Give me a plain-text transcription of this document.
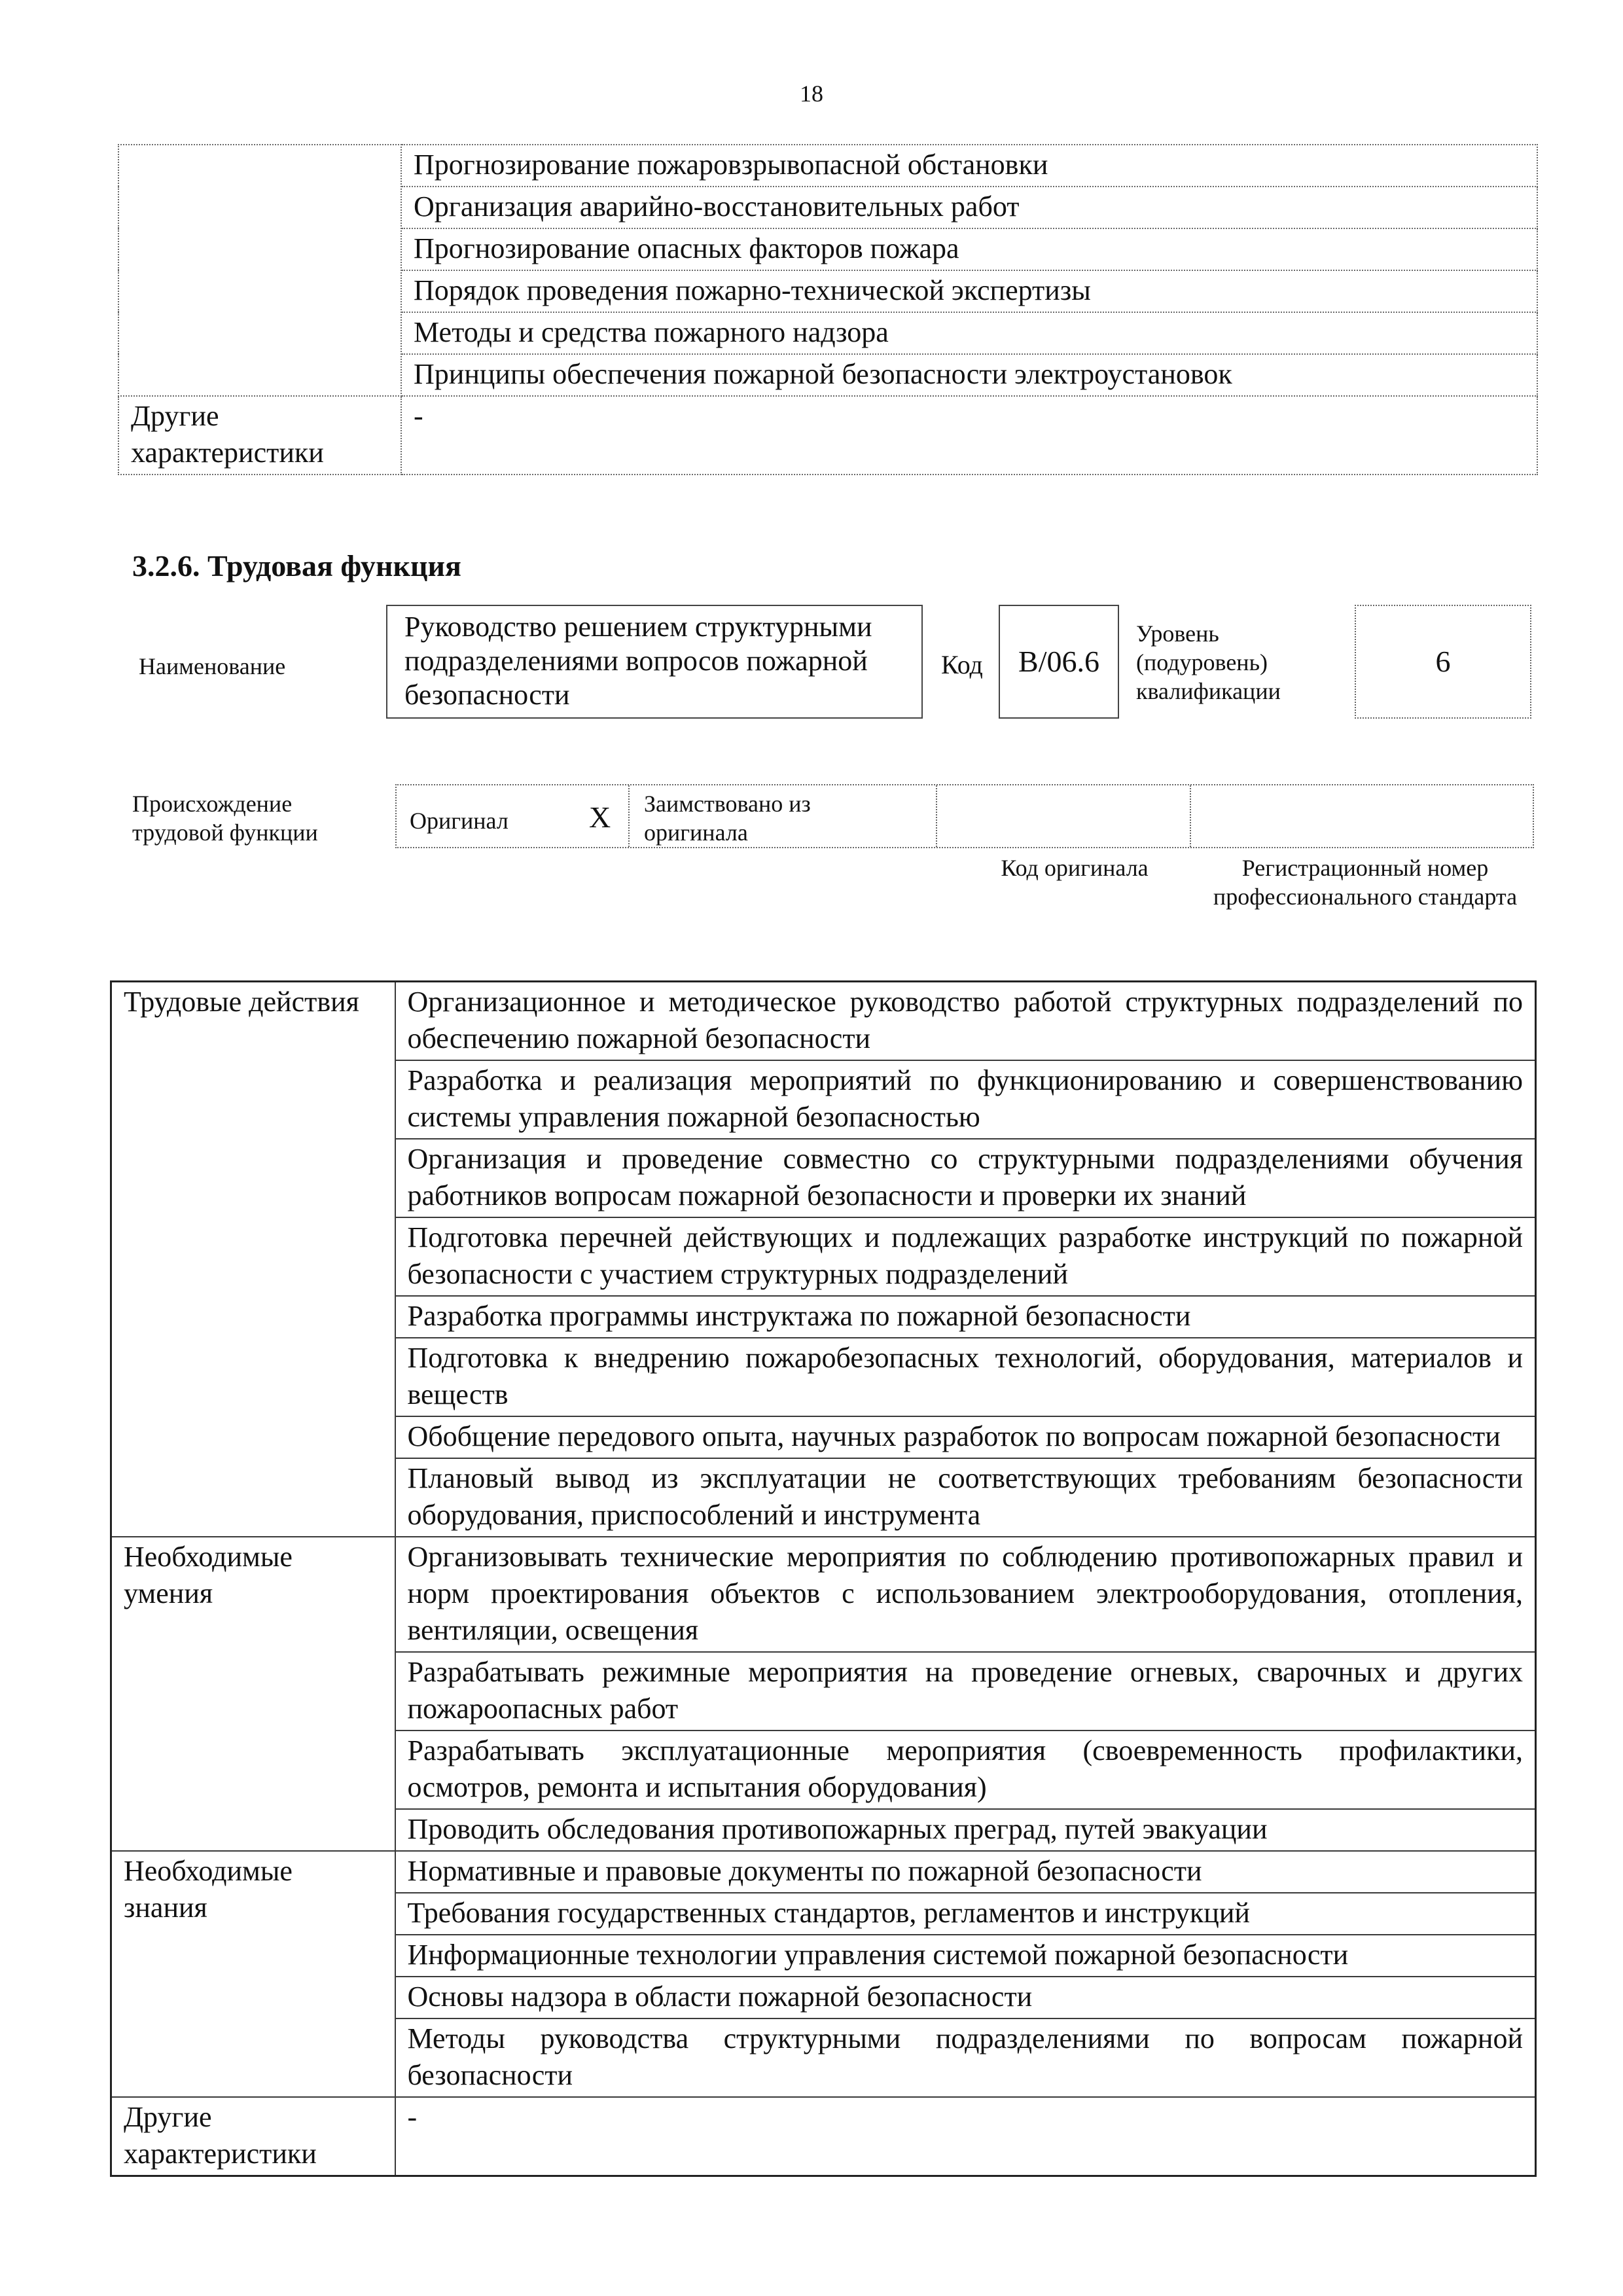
18
	Прогнозирование пожаровзрывопасной обстановки
	Организация аварийно-восстановительных работ
	Прогнозирование опасных факторов пожара
	Порядок проведения пожарно-технической экспертизы
	Методы и средства пожарного надзора
	Принципы обеспечения пожарной безопасности электроустановок
Другие характеристики	-
3.2.6. Трудовая функция
Наименование
Руководство решением структурными подразделениями вопросов пожарной безопасности
Код	B/06.6
Уровень (подуровень) квалификации
6
Происхождение трудовой функции	Оригинал	X Заимствовано из оригинала
Код оригинала	Регистрационный номер профессионального стандарта
Трудовые действия	Организационное и методическое руководство работой структурных подразделений по обеспечению пожарной безопасности
	Разработка и реализация мероприятий по функционированию и совершенствованию системы управления пожарной безопасностью
	Организация и проведение совместно со структурными подразделениями обучения работников вопросам пожарной безопасности и проверки их знаний
	Подготовка перечней действующих и подлежащих разработке инструкций по пожарной безопасности с участием структурных подразделений
	Разработка программы инструктажа по пожарной безопасности
	Подготовка к внедрению пожаробезопасных технологий, оборудования, материалов и веществ
	Обобщение передового опыта, научных разработок по вопросам пожарной безопасности
	Плановый вывод из эксплуатации не соответствующих требованиям безопасности оборудования, приспособлений и инструмента
Необходимые умения	Организовывать технические мероприятия по соблюдению противопожарных правил и норм проектирования объектов с использованием электрооборудования, отопления, вентиляции, освещения
	Разрабатывать режимные мероприятия на проведение огневых, сварочных и других пожароопасных работ
	Разрабатывать эксплуатационные мероприятия (своевременность профилактики, осмотров, ремонта и испытания оборудования)
	Проводить обследования противопожарных преград, путей эвакуации
Необходимые знания	Нормативные и правовые документы по пожарной безопасности
	Требования государственных стандартов, регламентов и инструкций
	Информационные технологии управления системой пожарной безопасности
	Основы надзора в области пожарной безопасности
	Методы руководства структурными подразделениями по вопросам пожарной безопасности
Другие характеристики	-
